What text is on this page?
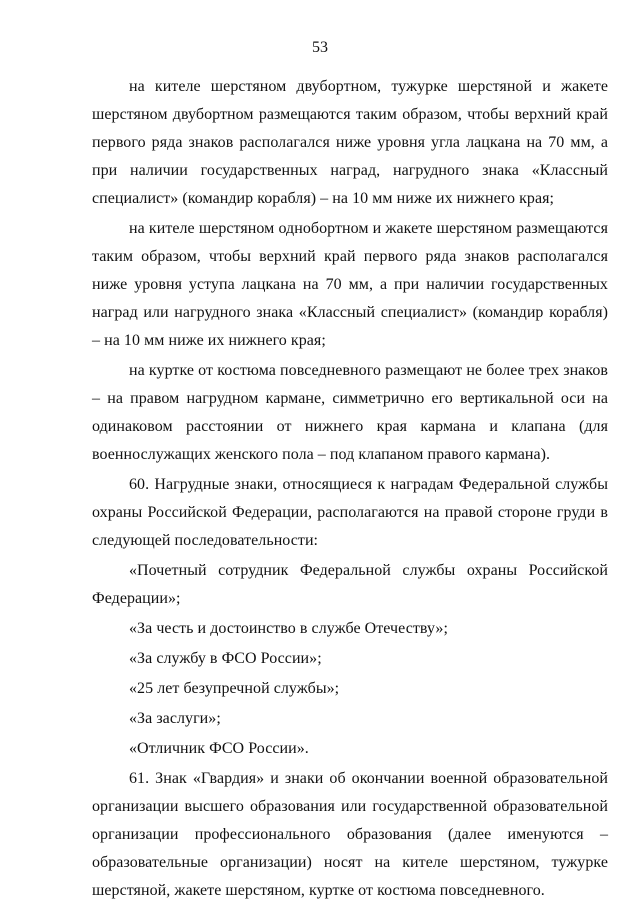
53

на кителе шерстяном двубортном, тужурке шерстяной и жакете шерстяном двубортном размещаются таким образом, чтобы верхний край первого ряда знаков располагался ниже уровня угла лацкана на 70 мм, а при наличии государственных наград, нагрудного знака «Классный специалист» (командир корабля) – на 10 мм ниже их нижнего края;

на кителе шерстяном однобортном и жакете шерстяном размещаются таким образом, чтобы верхний край первого ряда знаков располагался ниже уровня уступа лацкана на 70 мм, а при наличии государственных наград или нагрудного знака «Классный специалист» (командир корабля) – на 10 мм ниже их нижнего края;

на куртке от костюма повседневного размещают не более трех знаков – на правом нагрудном кармане, симметрично его вертикальной оси на одинаковом расстоянии от нижнего края кармана и клапана (для военнослужащих женского пола – под клапаном правого кармана).

60. Нагрудные знаки, относящиеся к наградам Федеральной службы охраны Российской Федерации, располагаются на правой стороне груди в следующей последовательности:

«Почетный сотрудник Федеральной службы охраны Российской Федерации»;

«За честь и достоинство в службе Отечеству»;

«За службу в ФСО России»;

«25 лет безупречной службы»;

«За заслуги»;

«Отличник ФСО России».

61. Знак «Гвардия» и знаки об окончании военной образовательной организации высшего образования или государственной образовательной организации профессионального образования (далее именуются – образовательные организации) носят на кителе шерстяном, тужурке шерстяной, жакете шерстяном, куртке от костюма повседневного.
